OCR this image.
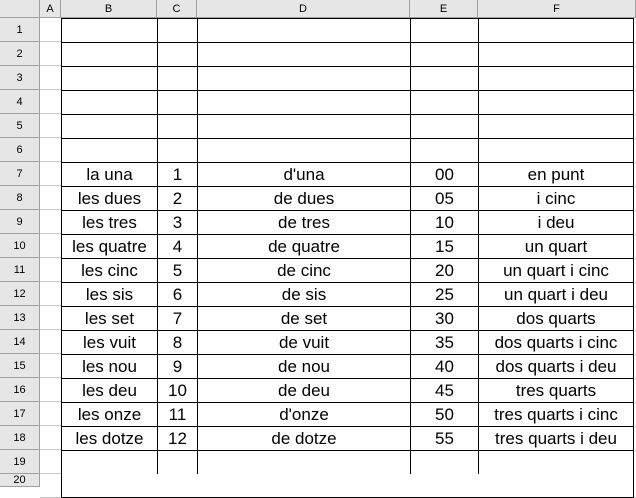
A	B	C	D	E	F
1
2
3
4
5
6
7
8
9
10
11
12
13
14
15
16
17
18
19
20
la una	1	d'una	00	en punt
les dues	2	de dues	05	i cinc
les tres	3	de tres	10	i deu
les quatre	4	de quatre	15	un quart
les cinc	5	de cinc	20	un quart i cinc
les sis	6	de sis	25	un quart i deu
les set	7	de set	30	dos quarts
les vuit	8	de vuit	35	dos quarts i cinc
les nou	9	de nou	40	dos quarts i deu
les deu	10	de deu	45	tres quarts
les onze	11	d'onze	50	tres quarts i cinc
les dotze	12	de dotze	55	tres quarts i deu
